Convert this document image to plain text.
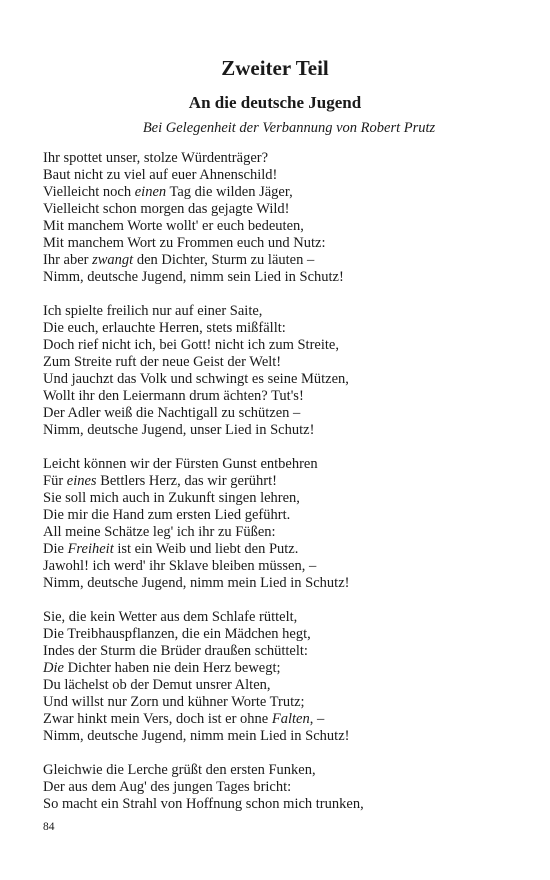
Zweiter Teil
An die deutsche Jugend
Bei Gelegenheit der Verbannung von Robert Prutz
Ihr spottet unser, stolze Würdenträger?
Baut nicht zu viel auf euer Ahnenschild!
Vielleicht noch einen Tag die wilden Jäger,
Vielleicht schon morgen das gejagte Wild!
Mit manchem Worte wollt' er euch bedeuten,
Mit manchem Wort zu Frommen euch und Nutz:
Ihr aber zwangt den Dichter, Sturm zu läuten –
Nimm, deutsche Jugend, nimm sein Lied in Schutz!
Ich spielte freilich nur auf einer Saite,
Die euch, erlauchte Herren, stets mißfällt:
Doch rief nicht ich, bei Gott! nicht ich zum Streite,
Zum Streite ruft der neue Geist der Welt!
Und jauchzt das Volk und schwingt es seine Mützen,
Wollt ihr den Leiermann drum ächten? Tut's!
Der Adler weiß die Nachtigall zu schützen –
Nimm, deutsche Jugend, unser Lied in Schutz!
Leicht können wir der Fürsten Gunst entbehren
Für eines Bettlers Herz, das wir gerührt!
Sie soll mich auch in Zukunft singen lehren,
Die mir die Hand zum ersten Lied geführt.
All meine Schätze leg' ich ihr zu Füßen:
Die Freiheit ist ein Weib und liebt den Putz.
Jawohl! ich werd' ihr Sklave bleiben müssen, –
Nimm, deutsche Jugend, nimm mein Lied in Schutz!
Sie, die kein Wetter aus dem Schlafe rüttelt,
Die Treibhauspflanzen, die ein Mädchen hegt,
Indes der Sturm die Brüder draußen schüttelt:
Die Dichter haben nie dein Herz bewegt;
Du lächelst ob der Demut unsrer Alten,
Und willst nur Zorn und kühner Worte Trutz;
Zwar hinkt mein Vers, doch ist er ohne Falten, –
Nimm, deutsche Jugend, nimm mein Lied in Schutz!
Gleichwie die Lerche grüßt den ersten Funken,
Der aus dem Aug' des jungen Tages bricht:
So macht ein Strahl von Hoffnung schon mich trunken,
84
